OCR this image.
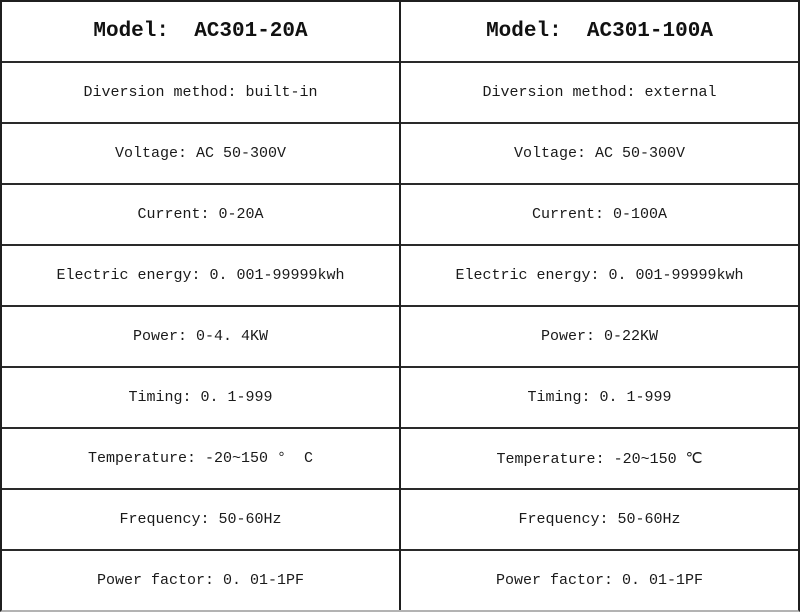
Model:  AC301-20A
Diversion method: built-in
Voltage: AC 50-300V
Current: 0-20A
Electric energy: 0. 001-99999kwh
Power: 0-4. 4KW
Timing: 0. 1-999
Temperature: -20~150 °  C
Frequency: 50-60Hz
Power factor: 0. 01-1PF
Model:  AC301-100A
Diversion method: external
Voltage: AC 50-300V
Current: 0-100A
Electric energy: 0. 001-99999kwh
Power: 0-22KW
Timing: 0. 1-999
Temperature: -20~150 ℃
Frequency: 50-60Hz
Power factor: 0. 01-1PF
